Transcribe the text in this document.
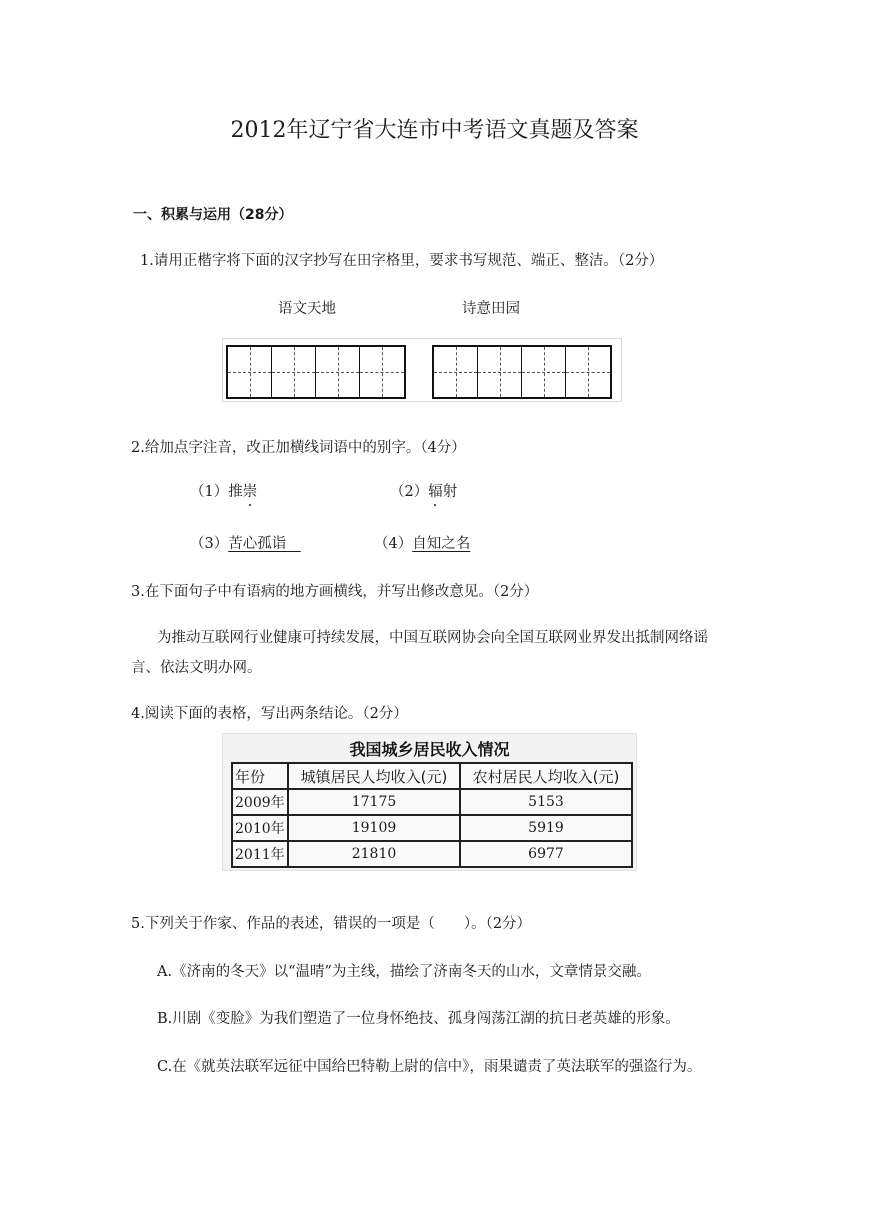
2012年辽宁省大连市中考语文真题及答案
一、积累与运用（28分）
1.请用正楷字将下面的汉字抄写在田字格里，要求书写规范、端正、整洁。（2分）
语文天地	诗意田园
2.给加点字注音，改正加横线词语中的别字。（4分）
（1）推崇	（2）辐射
（3）苦心孤诣　	（4）自知之名
3.在下面句子中有语病的地方画横线，并写出修改意见。（2分）
为推动互联网行业健康可持续发展，中国互联网协会向全国互联网业界发出抵制网络谣
言、依法文明办网。
4.阅读下面的表格，写出两条结论。（2分）
我国城乡居民收入情况
年份	城镇居民人均收入(元)	农村居民人均收入(元)
2009年	17175	5153
2010年	19109	5919
2011年	21810	6977
5.下列关于作家、作品的表述，错误的一项是（　　）。（2分）
A.《济南的冬天》以“温晴”为主线，描绘了济南冬天的山水，文章情景交融。
B.川剧《变脸》为我们塑造了一位身怀绝技、孤身闯荡江湖的抗日老英雄的形象。
C.在《就英法联军远征中国给巴特勒上尉的信中》，雨果谴责了英法联军的强盗行为。
